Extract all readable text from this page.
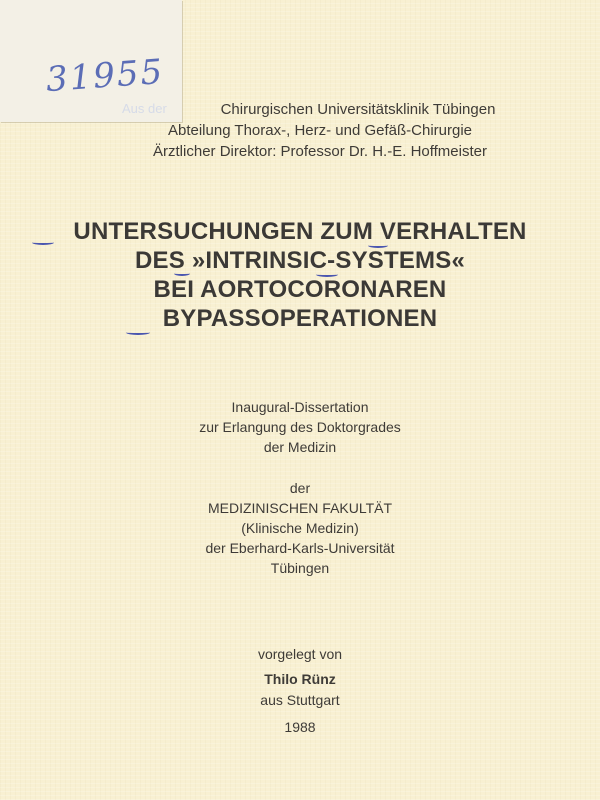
31955
Aus der	Chirurgischen Universitätsklinik Tübingen
Abteilung Thorax-, Herz- und Gefäß-Chirurgie
Ärztlicher Direktor: Professor Dr. H.-E. Hoffmeister
UNTERSUCHUNGEN ZUM VERHALTEN
DES »INTRINSIC-SYSTEMS«
BEI AORTOCORONAREN
BYPASSOPERATIONEN
Inaugural-Dissertation
zur Erlangung des Doktorgrades
der Medizin
der
MEDIZINISCHEN FAKULTÄT
(Klinische Medizin)
der Eberhard-Karls-Universität
Tübingen
vorgelegt von
Thilo Rünz
aus Stuttgart
1988
